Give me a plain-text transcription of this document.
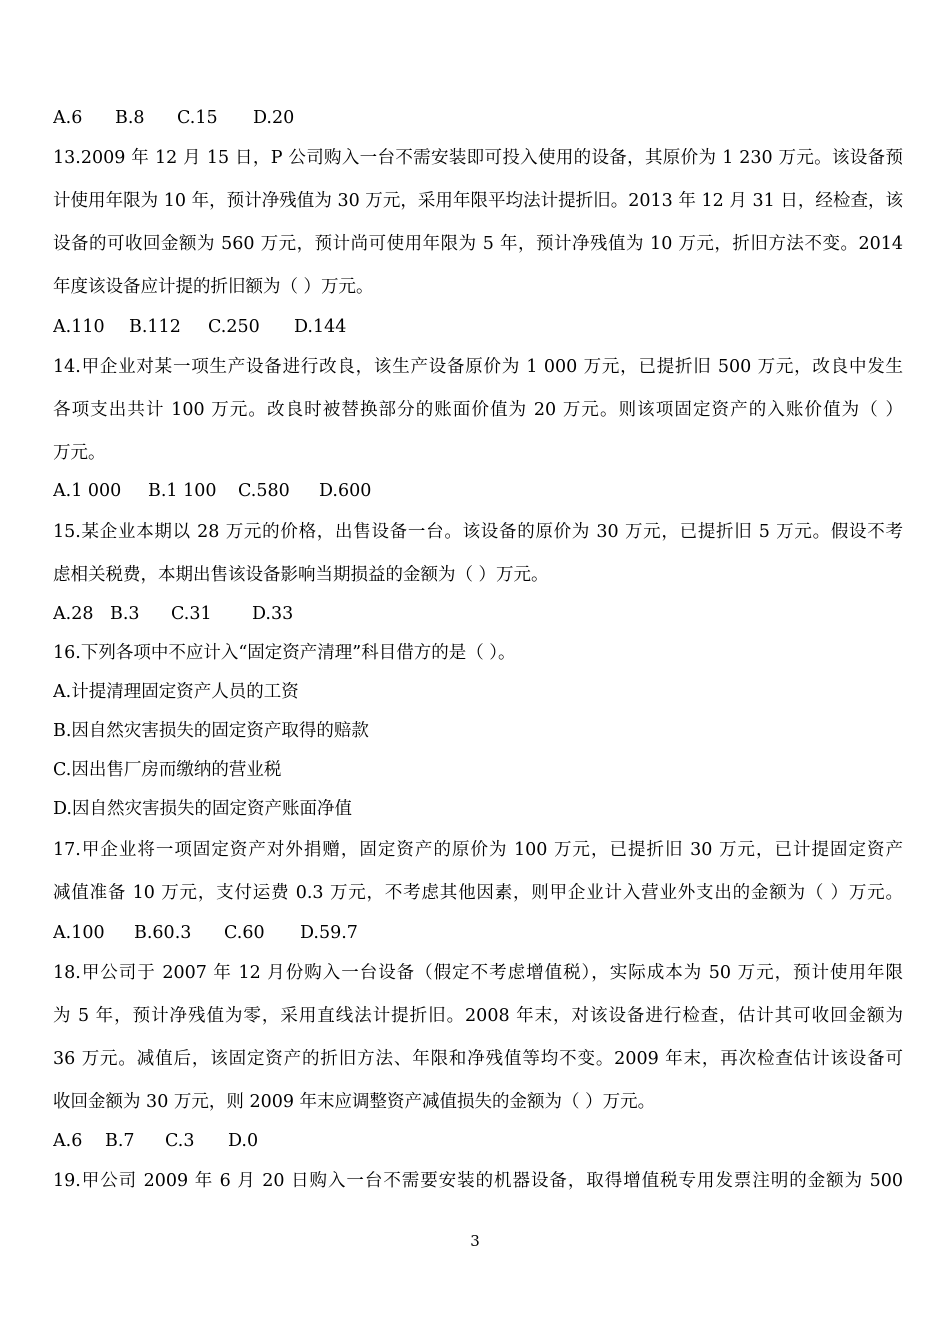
A.6 B.8 C.15 D.20
13.2009 年 12 月 15 日，P 公司购入一台不需安装即可投入使用的设备，其原价为 1 230 万元。该设备预
计使用年限为 10 年，预计净残值为 30 万元，采用年限平均法计提折旧。2013 年 12 月 31 日，经检查，该
设备的可收回金额为 560 万元，预计尚可使用年限为 5 年，预计净残值为 10 万元，折旧方法不变。2014
年度该设备应计提的折旧额为（ ）万元。
A.110 B.112 C.250 D.144
14.甲企业对某一项生产设备进行改良，该生产设备原价为 1 000 万元，已提折旧 500 万元，改良中发生
各项支出共计 100 万元。改良时被替换部分的账面价值为 20 万元。则该项固定资产的入账价值为（ ）
万元。
A.1 000 B.1 100 C.580 D.600
15.某企业本期以 28 万元的价格，出售设备一台。该设备的原价为 30 万元，已提折旧 5 万元。假设不考
虑相关税费，本期出售该设备影响当期损益的金额为（ ）万元。
A.28 B.3 C.31 D.33
16.下列各项中不应计入“固定资产清理”科目借方的是（ ）。
A.计提清理固定资产人员的工资
B.因自然灾害损失的固定资产取得的赔款
C.因出售厂房而缴纳的营业税
D.因自然灾害损失的固定资产账面净值
17.甲企业将一项固定资产对外捐赠，固定资产的原价为 100 万元，已提折旧 30 万元，已计提固定资产
减值准备 10 万元，支付运费 0.3 万元，不考虑其他因素，则甲企业计入营业外支出的金额为（ ）万元。
A.100 B.60.3 C.60 D.59.7
18.甲公司于 2007 年 12 月份购入一台设备（假定不考虑增值税），实际成本为 50 万元，预计使用年限
为 5 年，预计净残值为零，采用直线法计提折旧。2008 年末，对该设备进行检查，估计其可收回金额为
36 万元。减值后，该固定资产的折旧方法、年限和净残值等均不变。2009 年末，再次检查估计该设备可
收回金额为 30 万元，则 2009 年末应调整资产减值损失的金额为（ ）万元。
A.6 B.7 C.3 D.0
19.甲公司 2009 年 6 月 20 日购入一台不需要安装的机器设备，取得增值税专用发票注明的金额为 500
3
